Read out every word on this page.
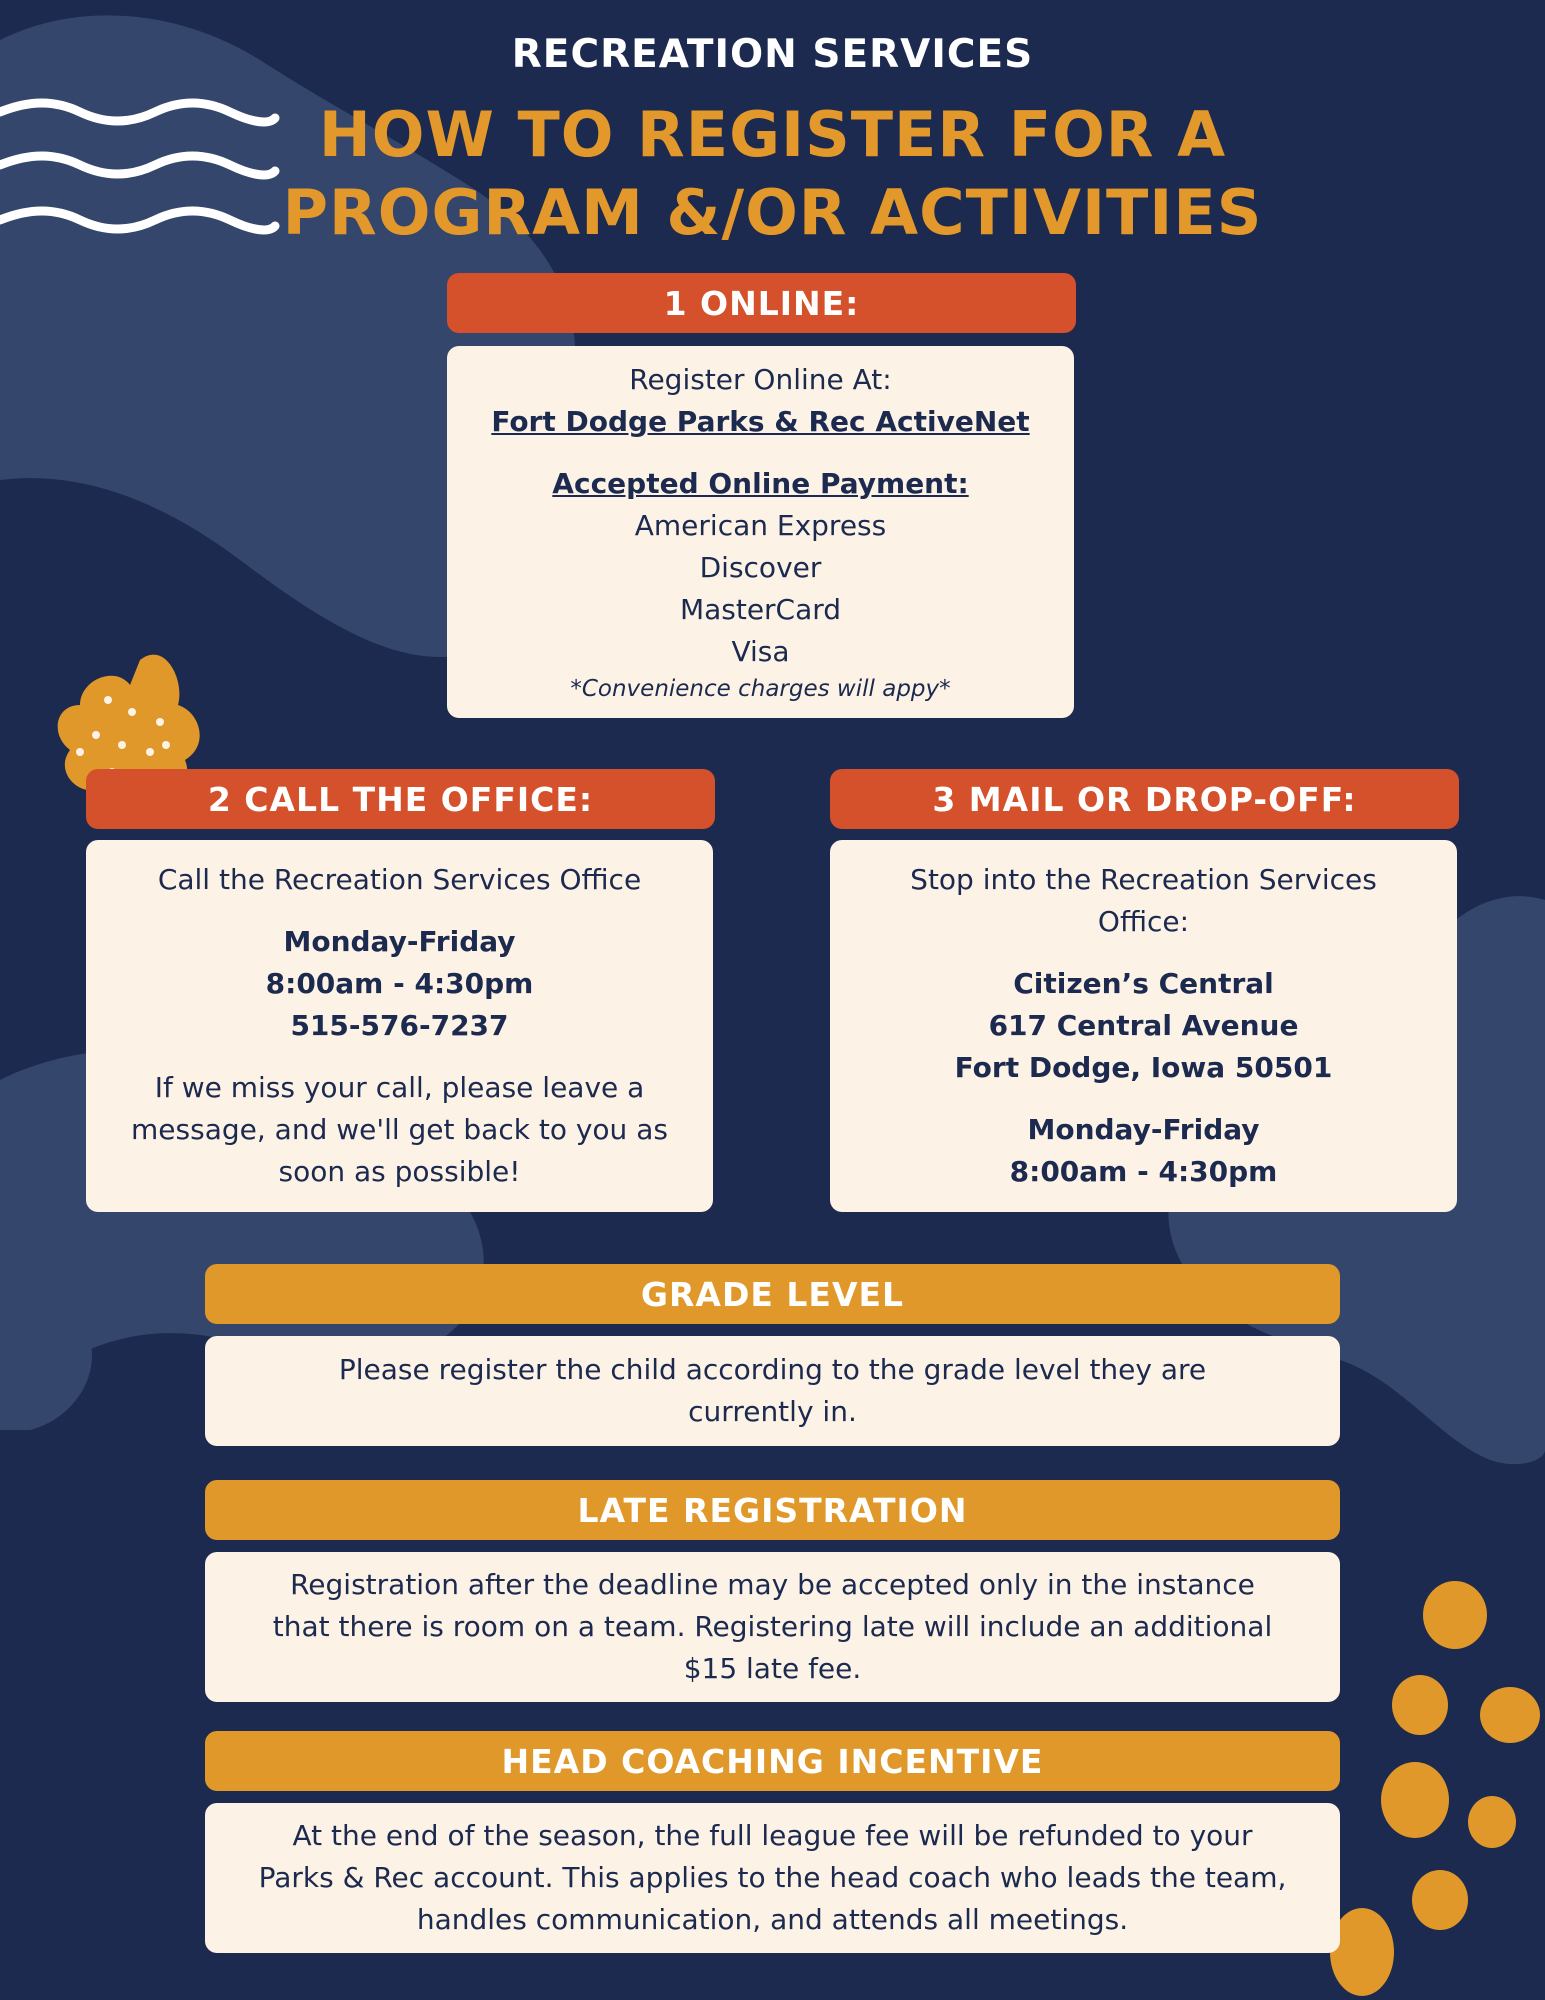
RECREATION SERVICES
HOW TO REGISTER FOR A
PROGRAM &/OR ACTIVITIES
1 ONLINE:
Register Online At:
Fort Dodge Parks & Rec ActiveNet
Accepted Online Payment:
American Express
Discover
MasterCard
Visa
*Convenience charges will appy*
2 CALL THE OFFICE:
Call the Recreation Services Office
Monday-Friday
8:00am - 4:30pm
515-576-7237
If we miss your call, please leave a message, and we'll get back to you as soon as possible!
3 MAIL OR DROP-OFF:
Stop into the Recreation Services Office:
Citizen’s Central
617 Central Avenue
Fort Dodge, Iowa 50501
Monday-Friday
8:00am - 4:30pm
GRADE LEVEL
Please register the child according to the grade level they are currently in.
LATE REGISTRATION
Registration after the deadline may be accepted only in the instance that there is room on a team. Registering late will include an additional $15 late fee.
HEAD COACHING INCENTIVE
At the end of the season, the full league fee will be refunded to your Parks & Rec account. This applies to the head coach who leads the team, handles communication, and attends all meetings.
